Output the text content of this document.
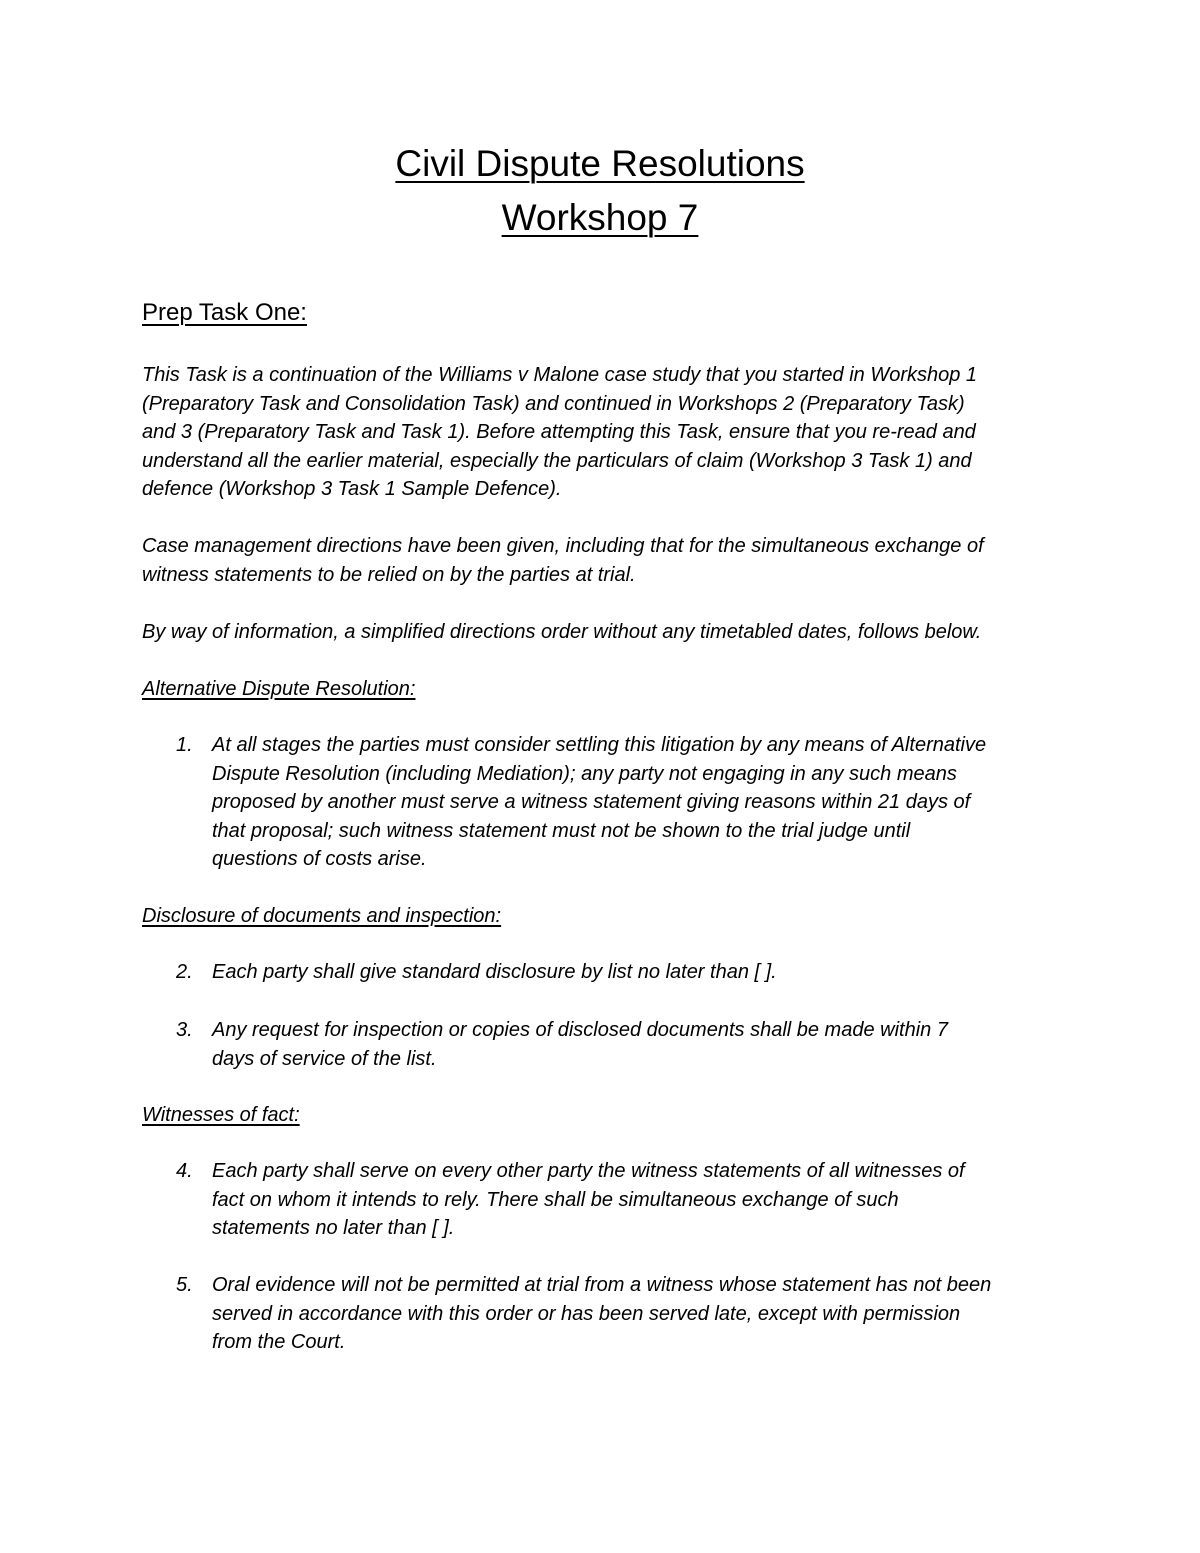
Civil Dispute Resolutions
Workshop 7
Prep Task One:

This Task is a continuation of the Williams v Malone case study that you started in Workshop 1
(Preparatory Task and Consolidation Task) and continued in Workshops 2 (Preparatory Task)
and 3 (Preparatory Task and Task 1). Before attempting this Task, ensure that you re-read and
understand all the earlier material, especially the particulars of claim (Workshop 3 Task 1) and
defence (Workshop 3 Task 1 Sample Defence).

Case management directions have been given, including that for the simultaneous exchange of
witness statements to be relied on by the parties at trial.

By way of information, a simplified directions order without any timetabled dates, follows below.

Alternative Dispute Resolution:
1. At all stages the parties must consider settling this litigation by any means of Alternative
Dispute Resolution (including Mediation); any party not engaging in any such means
proposed by another must serve a witness statement giving reasons within 21 days of
that proposal; such witness statement must not be shown to the trial judge until
questions of costs arise.
Disclosure of documents and inspection:
2. Each party shall give standard disclosure by list no later than [ ].
3. Any request for inspection or copies of disclosed documents shall be made within 7
days of service of the list.
Witnesses of fact:
4. Each party shall serve on every other party the witness statements of all witnesses of
fact on whom it intends to rely. There shall be simultaneous exchange of such
statements no later than [ ].
5. Oral evidence will not be permitted at trial from a witness whose statement has not been
served in accordance with this order or has been served late, except with permission
from the Court.
